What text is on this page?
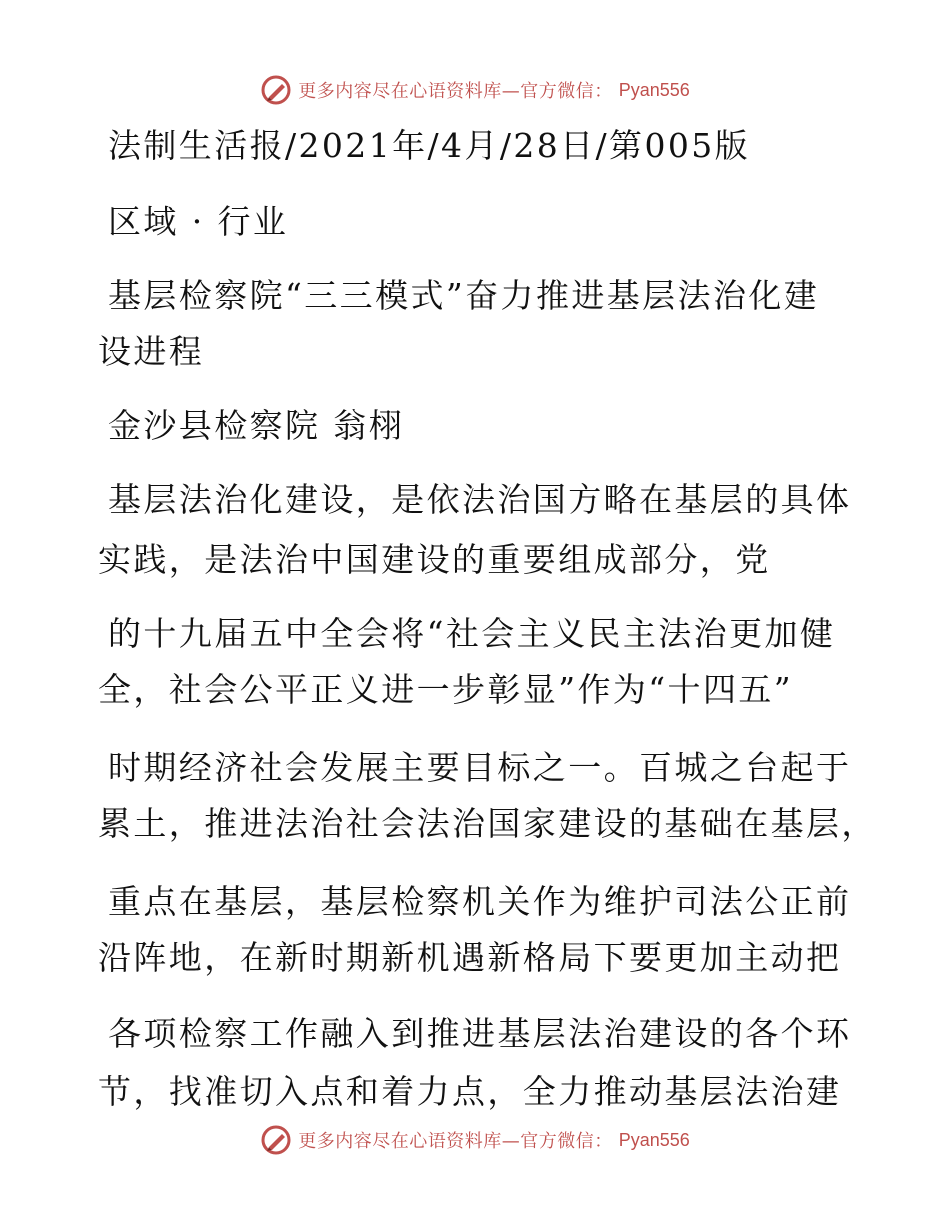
更多内容尽在心语资料库—官方微信： Pyan556
法制生活报/2021年/4月/28日/第005版
区域 · 行业
基层检察院“三三模式”奋力推进基层法治化建
设进程
金沙县检察院 翁栩
基层法治化建设，是依法治国方略在基层的具体
实践，是法治中国建设的重要组成部分，党
的十九届五中全会将“社会主义民主法治更加健
全，社会公平正义进一步彰显”作为“十四五”
时期经济社会发展主要目标之一。百城之台起于
累土，推进法治社会法治国家建设的基础在基层，
重点在基层，基层检察机关作为维护司法公正前
沿阵地，在新时期新机遇新格局下要更加主动把
各项检察工作融入到推进基层法治建设的各个环
节，找准切入点和着力点，全力推动基层法治建
更多内容尽在心语资料库—官方微信： Pyan556
